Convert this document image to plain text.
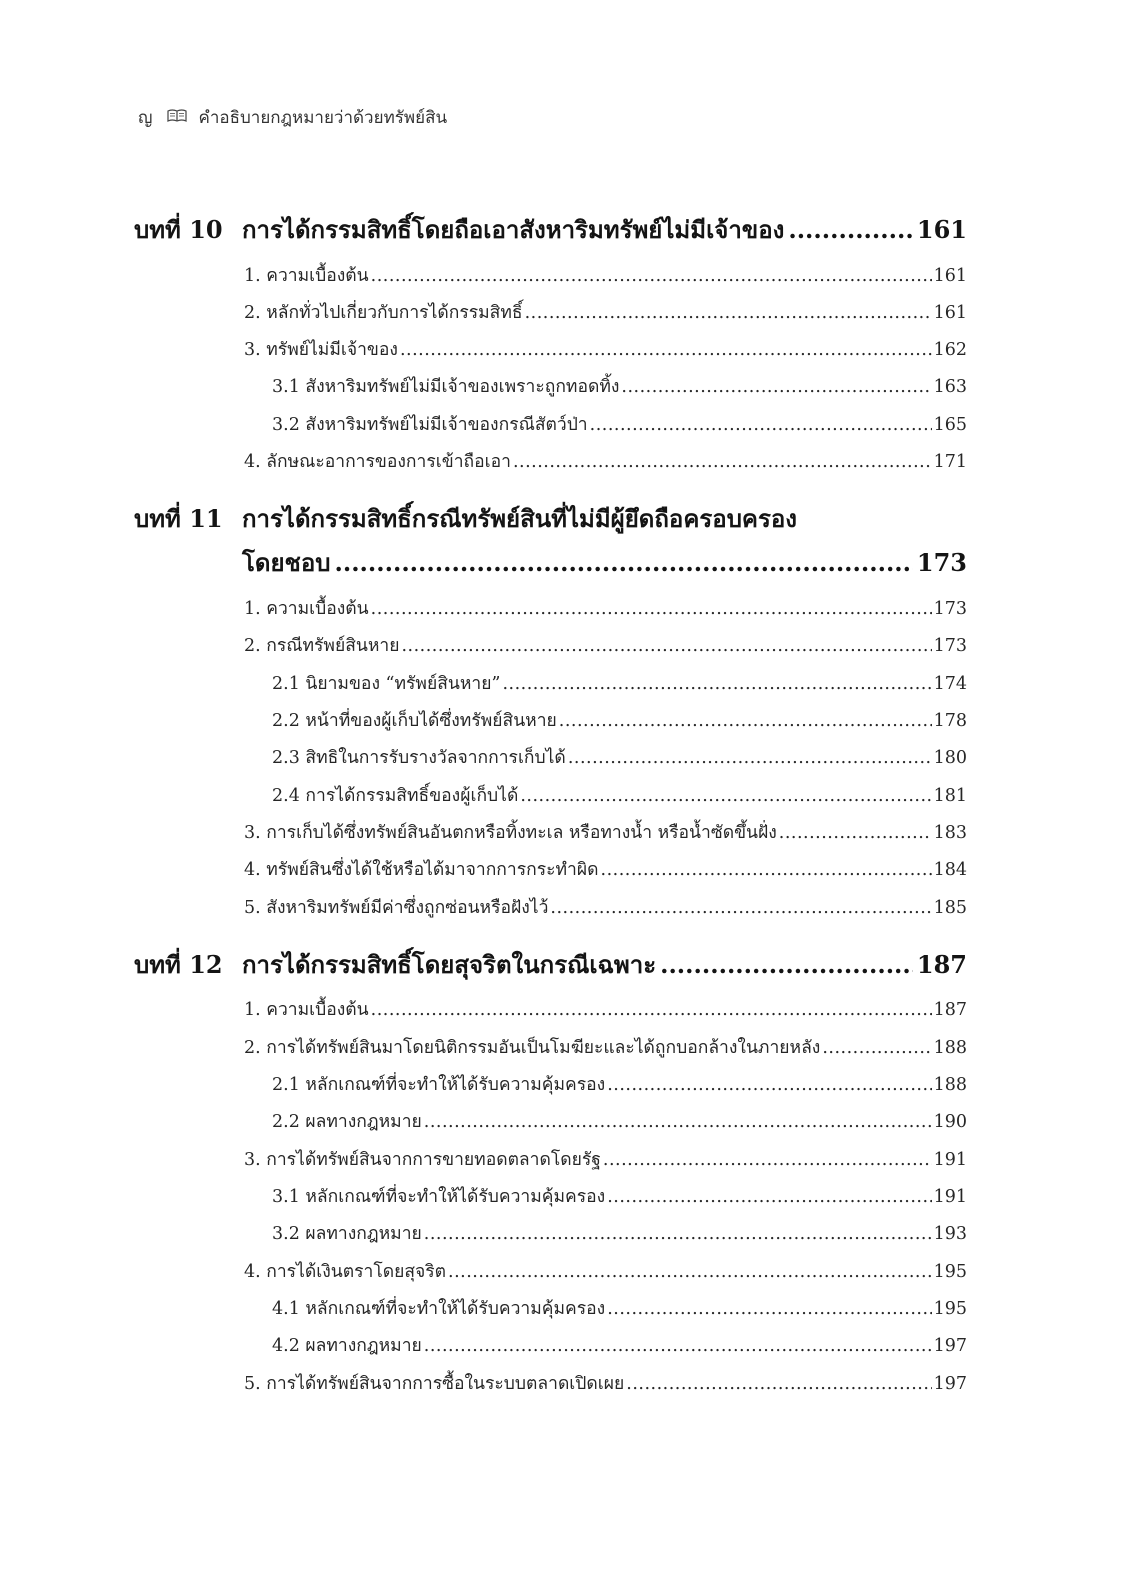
ญ	คำอธิบายกฎหมายว่าด้วยทรัพย์สิน
บทที่ 10 การได้กรรมสิทธิ์โดยถือเอาสังหาริมทรัพย์ไม่มีเจ้าของ .....	161
1. ความเบื้องต้น .....	161
2. หลักทั่วไปเกี่ยวกับการได้กรรมสิทธิ์ .....	161
3. ทรัพย์ไม่มีเจ้าของ .....	162
3.1 สังหาริมทรัพย์ไม่มีเจ้าของเพราะถูกทอดทิ้ง .....	163
3.2 สังหาริมทรัพย์ไม่มีเจ้าของกรณีสัตว์ป่า .....	165
4. ลักษณะอาการของการเข้าถือเอา .....	171
บทที่ 11 การได้กรรมสิทธิ์กรณีทรัพย์สินที่ไม่มีผู้ยึดถือครอบครอง
โดยชอบ .....	173
1. ความเบื้องต้น .....	173
2. กรณีทรัพย์สินหาย .....	173
2.1 นิยามของ “ทรัพย์สินหาย” .....	174
2.2 หน้าที่ของผู้เก็บได้ซึ่งทรัพย์สินหาย .....	178
2.3 สิทธิในการรับรางวัลจากการเก็บได้ .....	180
2.4 การได้กรรมสิทธิ์ของผู้เก็บได้ .....	181
3. การเก็บได้ซึ่งทรัพย์สินอันตกหรือทิ้งทะเล หรือทางน้ำ หรือน้ำซัดขึ้นฝั่ง .....	183
4. ทรัพย์สินซึ่งได้ใช้หรือได้มาจากการกระทำผิด .....	184
5. สังหาริมทรัพย์มีค่าซึ่งถูกซ่อนหรือฝังไว้ .....	185
บทที่ 12 การได้กรรมสิทธิ์โดยสุจริตในกรณีเฉพาะ .....	187
1. ความเบื้องต้น .....	187
2. การได้ทรัพย์สินมาโดยนิติกรรมอันเป็นโมฆียะและได้ถูกบอกล้างในภายหลัง .....	188
2.1 หลักเกณฑ์ที่จะทำให้ได้รับความคุ้มครอง .....	188
2.2 ผลทางกฎหมาย .....	190
3. การได้ทรัพย์สินจากการขายทอดตลาดโดยรัฐ .....	191
3.1 หลักเกณฑ์ที่จะทำให้ได้รับความคุ้มครอง .....	191
3.2 ผลทางกฎหมาย .....	193
4. การได้เงินตราโดยสุจริต .....	195
4.1 หลักเกณฑ์ที่จะทำให้ได้รับความคุ้มครอง .....	195
4.2 ผลทางกฎหมาย .....	197
5. การได้ทรัพย์สินจากการซื้อในระบบตลาดเปิดเผย .....	197
